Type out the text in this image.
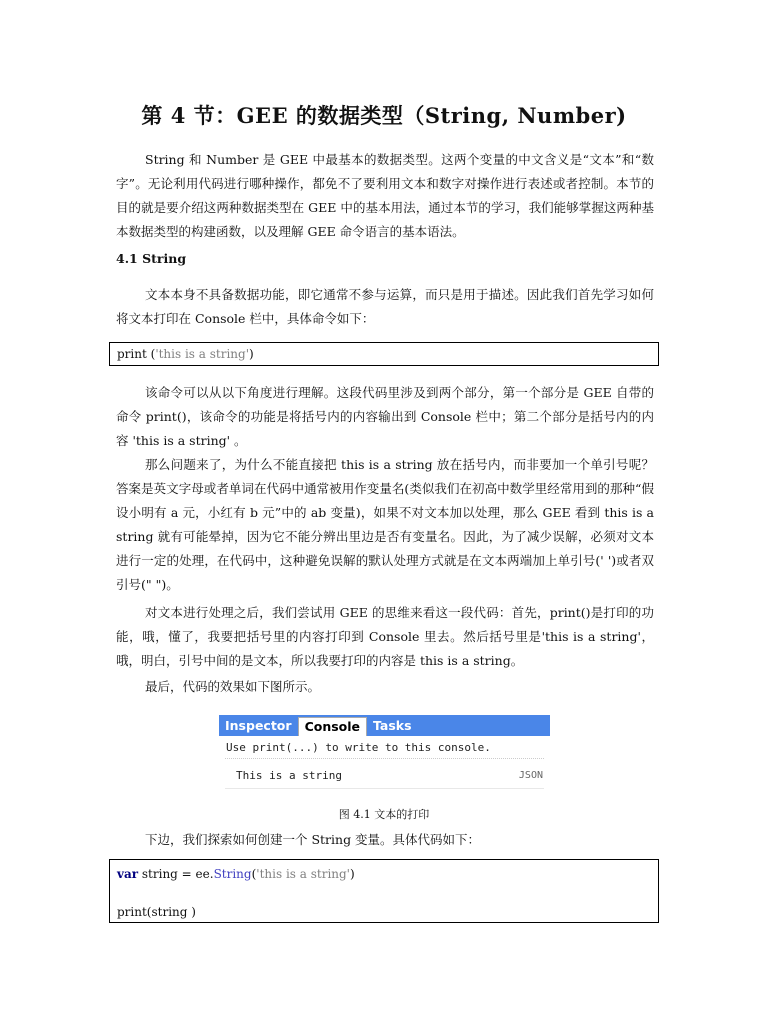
第 4 节：GEE 的数据类型（String, Number)

String 和 Number 是 GEE 中最基本的数据类型。这两个变量的中文含义是“文本”和“数字”。无论利用代码进行哪种操作，都免不了要利用文本和数字对操作进行表述或者控制。本节的目的就是要介绍这两种数据类型在 GEE 中的基本用法，通过本节的学习，我们能够掌握这两种基本数据类型的构建函数，以及理解 GEE 命令语言的基本语法。

4.1 String

文本本身不具备数据功能，即它通常不参与运算，而只是用于描述。因此我们首先学习如何将文本打印在 Console 栏中，具体命令如下：

print ('this is a string')

该命令可以从以下角度进行理解。这段代码里涉及到两个部分，第一个部分是 GEE 自带的命令 print()，该命令的功能是将括号内的内容输出到 Console 栏中；第二个部分是括号内的内容 'this is a string' 。

那么问题来了，为什么不能直接把 this is a string 放在括号内，而非要加一个单引号呢？答案是英文字母或者单词在代码中通常被用作变量名(类似我们在初高中数学里经常用到的那种“假设小明有 a 元，小红有 b 元”中的 ab 变量)，如果不对文本加以处理，那么 GEE 看到 this is a string 就有可能晕掉，因为它不能分辨出里边是否有变量名。因此，为了减少误解，必须对文本进行一定的处理，在代码中，这种避免误解的默认处理方式就是在文本两端加上单引号(' ')或者双引号(" ")。

对文本进行处理之后，我们尝试用 GEE 的思维来看这一段代码：首先，print()是打印的功能，哦，懂了，我要把括号里的内容打印到 Console 里去。然后括号里是'this is a string'，哦，明白，引号中间的是文本，所以我要打印的内容是 this is a string。

最后，代码的效果如下图所示。

Inspector	Console	Tasks
Use print(...) to write to this console.
This is a string	JSON
图 4.1 文本的打印

下边，我们探索如何创建一个 String 变量。具体代码如下：

var string = ee.String('this is a string')
print(string )
